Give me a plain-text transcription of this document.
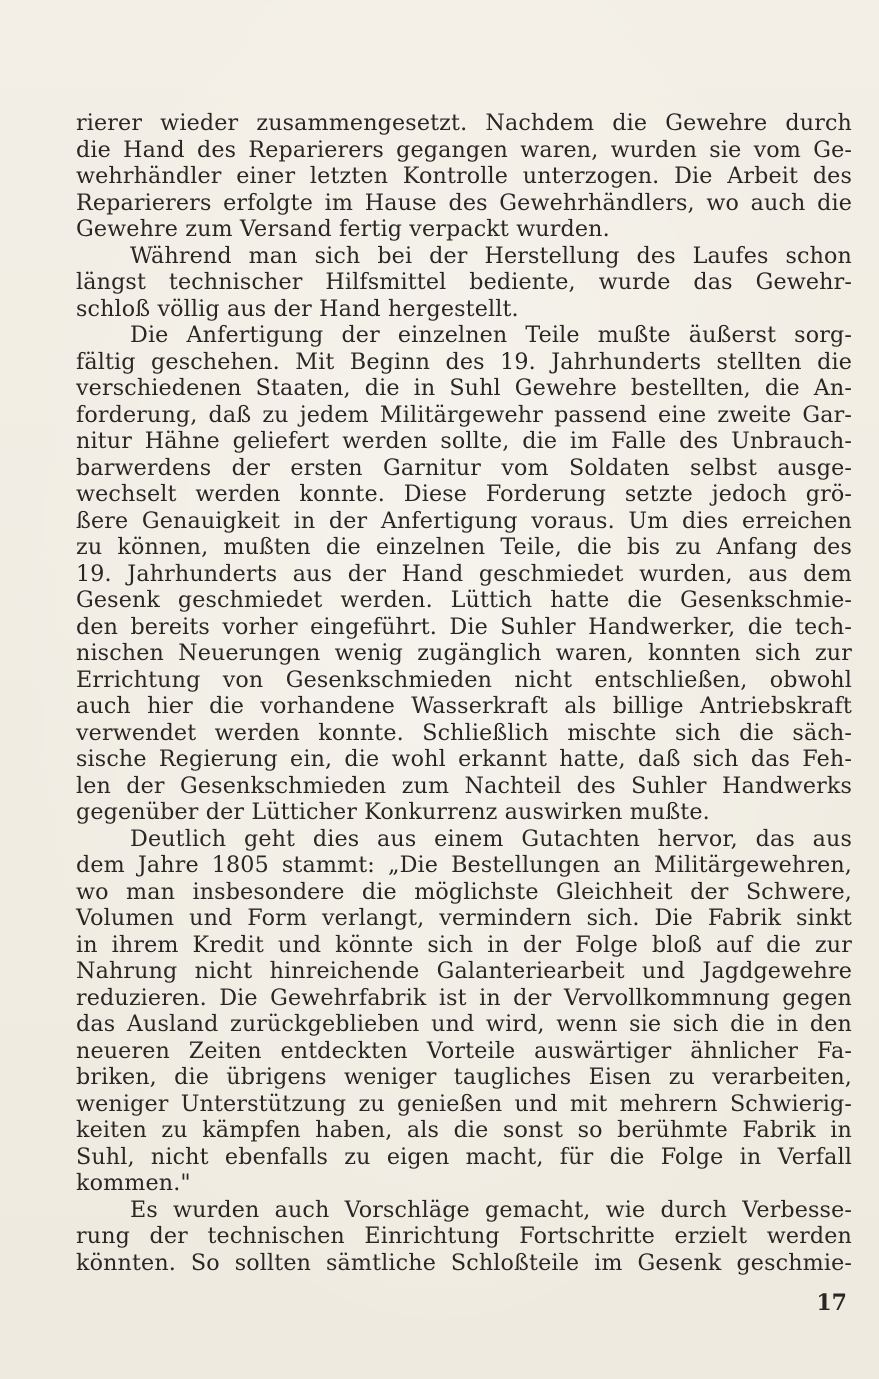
rierer wieder zusammengesetzt. Nachdem die Gewehre durch
die Hand des Reparierers gegangen waren, wurden sie vom Ge-
wehrhändler einer letzten Kontrolle unterzogen. Die Arbeit des
Reparierers erfolgte im Hause des Gewehrhändlers, wo auch die
Gewehre zum Versand fertig verpackt wurden.
Während man sich bei der Herstellung des Laufes schon
längst technischer Hilfsmittel bediente, wurde das Gewehr-
schloß völlig aus der Hand hergestellt.
Die Anfertigung der einzelnen Teile mußte äußerst sorg-
fältig geschehen. Mit Beginn des 19. Jahrhunderts stellten die
verschiedenen Staaten, die in Suhl Gewehre bestellten, die An-
forderung, daß zu jedem Militärgewehr passend eine zweite Gar-
nitur Hähne geliefert werden sollte, die im Falle des Unbrauch-
barwerdens der ersten Garnitur vom Soldaten selbst ausge-
wechselt werden konnte. Diese Forderung setzte jedoch grö-
ßere Genauigkeit in der Anfertigung voraus. Um dies erreichen
zu können, mußten die einzelnen Teile, die bis zu Anfang des
19. Jahrhunderts aus der Hand geschmiedet wurden, aus dem
Gesenk geschmiedet werden. Lüttich hatte die Gesenkschmie-
den bereits vorher eingeführt. Die Suhler Handwerker, die tech-
nischen Neuerungen wenig zugänglich waren, konnten sich zur
Errichtung von Gesenkschmieden nicht entschließen, obwohl
auch hier die vorhandene Wasserkraft als billige Antriebskraft
verwendet werden konnte. Schließlich mischte sich die säch-
sische Regierung ein, die wohl erkannt hatte, daß sich das Feh-
len der Gesenkschmieden zum Nachteil des Suhler Handwerks
gegenüber der Lütticher Konkurrenz auswirken mußte.
Deutlich geht dies aus einem Gutachten hervor, das aus
dem Jahre 1805 stammt: „Die Bestellungen an Militärgewehren,
wo man insbesondere die möglichste Gleichheit der Schwere,
Volumen und Form verlangt, vermindern sich. Die Fabrik sinkt
in ihrem Kredit und könnte sich in der Folge bloß auf die zur
Nahrung nicht hinreichende Galanteriearbeit und Jagdgewehre
reduzieren. Die Gewehrfabrik ist in der Vervollkommnung gegen
das Ausland zurückgeblieben und wird, wenn sie sich die in den
neueren Zeiten entdeckten Vorteile auswärtiger ähnlicher Fa-
briken, die übrigens weniger taugliches Eisen zu verarbeiten,
weniger Unterstützung zu genießen und mit mehrern Schwierig-
keiten zu kämpfen haben, als die sonst so berühmte Fabrik in
Suhl, nicht ebenfalls zu eigen macht, für die Folge in Verfall
kommen."
Es wurden auch Vorschläge gemacht, wie durch Verbesse-
rung der technischen Einrichtung Fortschritte erzielt werden
könnten. So sollten sämtliche Schloßteile im Gesenk geschmie-
17
